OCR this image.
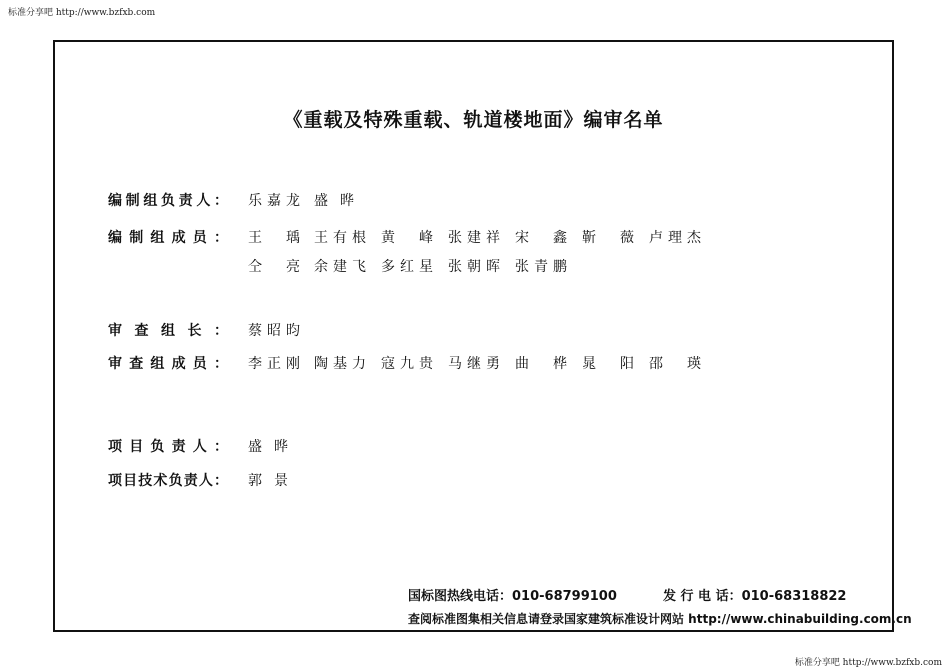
标准分享吧 http://www.bzfxb.com
《重载及特殊重载、轨道楼地面》编审名单
编制组负责人： 乐嘉龙 盛 晔
编制组成员： 王 瑀 王有根 黄 峰 张建祥 宋 鑫 靳 薇 卢理杰
仝 亮 余建飞 多红星 张朝晖 张青鹏
审查组长： 蔡昭昀
审查组成员： 李正刚 陶基力 寇九贵 马继勇 曲 桦 晁 阳 邵 瑛
项目负责人： 盛 晔
项目技术负责人： 郭 景
国标图热线电话：010-68799100	发 行 电 话：010-68318822
查阅标准图集相关信息请登录国家建筑标准设计网站 http://www.chinabuilding.com.cn
标准分享吧 http://www.bzfxb.com
